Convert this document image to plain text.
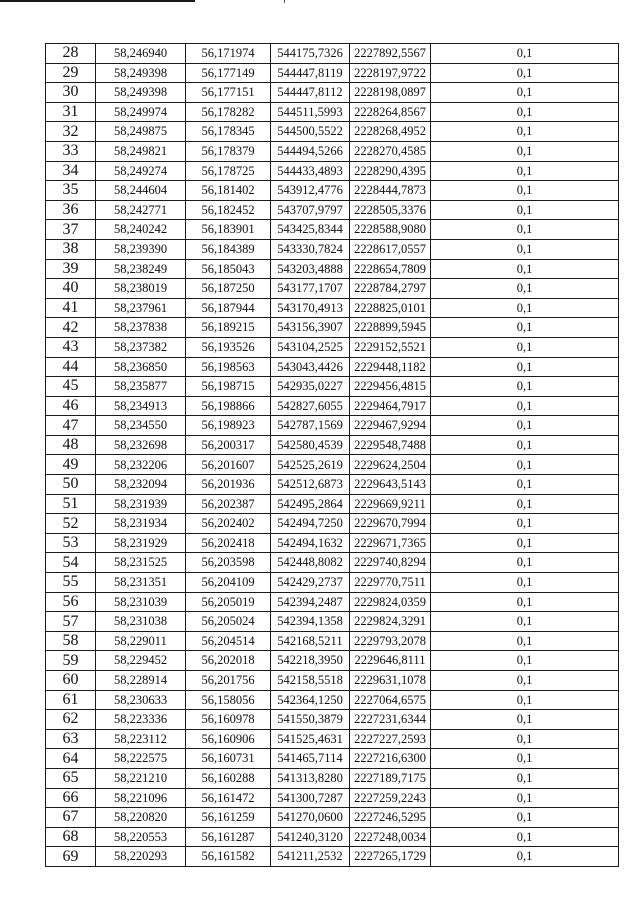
28	58,246940	56,171974	544175,7326	2227892,5567	0,1
29	58,249398	56,177149	544447,8119	2228197,9722	0,1
30	58,249398	56,177151	544447,8112	2228198,0897	0,1
31	58,249974	56,178282	544511,5993	2228264,8567	0,1
32	58,249875	56,178345	544500,5522	2228268,4952	0,1
33	58,249821	56,178379	544494,5266	2228270,4585	0,1
34	58,249274	56,178725	544433,4893	2228290,4395	0,1
35	58,244604	56,181402	543912,4776	2228444,7873	0,1
36	58,242771	56,182452	543707,9797	2228505,3376	0,1
37	58,240242	56,183901	543425,8344	2228588,9080	0,1
38	58,239390	56,184389	543330,7824	2228617,0557	0,1
39	58,238249	56,185043	543203,4888	2228654,7809	0,1
40	58,238019	56,187250	543177,1707	2228784,2797	0,1
41	58,237961	56,187944	543170,4913	2228825,0101	0,1
42	58,237838	56,189215	543156,3907	2228899,5945	0,1
43	58,237382	56,193526	543104,2525	2229152,5521	0,1
44	58,236850	56,198563	543043,4426	2229448,1182	0,1
45	58,235877	56,198715	542935,0227	2229456,4815	0,1
46	58,234913	56,198866	542827,6055	2229464,7917	0,1
47	58,234550	56,198923	542787,1569	2229467,9294	0,1
48	58,232698	56,200317	542580,4539	2229548,7488	0,1
49	58,232206	56,201607	542525,2619	2229624,2504	0,1
50	58,232094	56,201936	542512,6873	2229643,5143	0,1
51	58,231939	56,202387	542495,2864	2229669,9211	0,1
52	58,231934	56,202402	542494,7250	2229670,7994	0,1
53	58,231929	56,202418	542494,1632	2229671,7365	0,1
54	58,231525	56,203598	542448,8082	2229740,8294	0,1
55	58,231351	56,204109	542429,2737	2229770,7511	0,1
56	58,231039	56,205019	542394,2487	2229824,0359	0,1
57	58,231038	56,205024	542394,1358	2229824,3291	0,1
58	58,229011	56,204514	542168,5211	2229793,2078	0,1
59	58,229452	56,202018	542218,3950	2229646,8111	0,1
60	58,228914	56,201756	542158,5518	2229631,1078	0,1
61	58,230633	56,158056	542364,1250	2227064,6575	0,1
62	58,223336	56,160978	541550,3879	2227231,6344	0,1
63	58,223112	56,160906	541525,4631	2227227,2593	0,1
64	58,222575	56,160731	541465,7114	2227216,6300	0,1
65	58,221210	56,160288	541313,8280	2227189,7175	0,1
66	58,221096	56,161472	541300,7287	2227259,2243	0,1
67	58,220820	56,161259	541270,0600	2227246,5295	0,1
68	58,220553	56,161287	541240,3120	2227248,0034	0,1
69	58,220293	56,161582	541211,2532	2227265,1729	0,1
